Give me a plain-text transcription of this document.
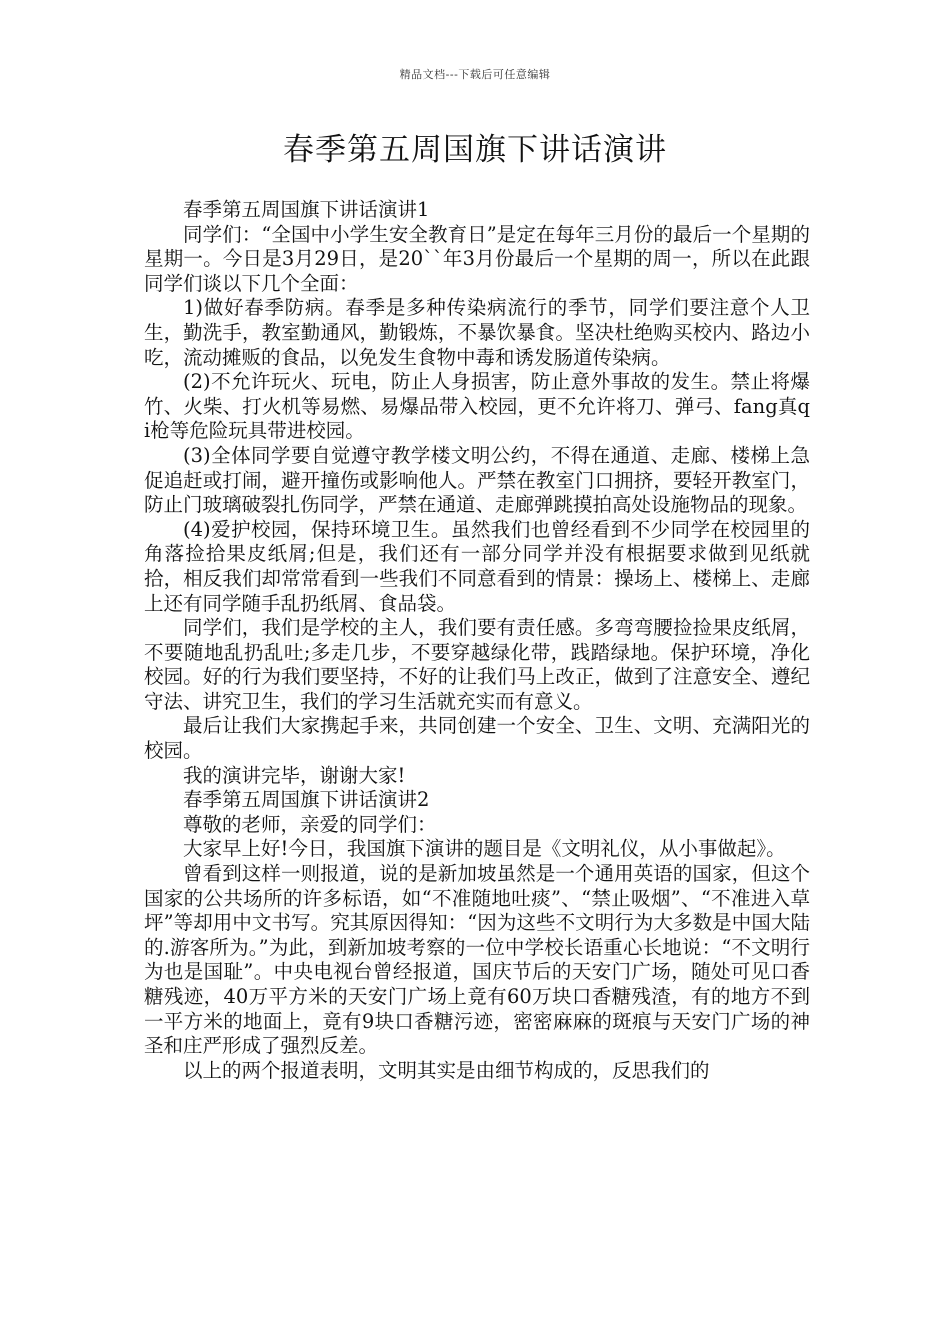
精品文档---下载后可任意编辑
春季第五周国旗下讲话演讲

春季第五周国旗下讲话演讲1

同学们：“全国中小学生安全教育日”是定在每年三月份的最后一个星期的星期一。今日是3月29日，是20``年3月份最后一个星期的周一，所以在此跟同学们谈以下几个全面：

1)做好春季防病。春季是多种传染病流行的季节，同学们要注意个人卫生，勤洗手，教室勤通风，勤锻炼，不暴饮暴食。坚决杜绝购买校内、路边小吃，流动摊贩的食品，以免发生食物中毒和诱发肠道传染病。

(2)不允许玩火、玩电，防止人身损害，防止意外事故的发生。禁止将爆竹、火柴、打火机等易燃、易爆品带入校园，更不允许将刀、弹弓、fang真qi枪等危险玩具带进校园。

(3)全体同学要自觉遵守教学楼文明公约，不得在通道、走廊、楼梯上急促追赶或打闹，避开撞伤或影响他人。严禁在教室门口拥挤，要轻开教室门，防止门玻璃破裂扎伤同学，严禁在通道、走廊弹跳摸拍高处设施物品的现象。

(4)爱护校园，保持环境卫生。虽然我们也曾经看到不少同学在校园里的角落捡拾果皮纸屑;但是，我们还有一部分同学并没有根据要求做到见纸就拾，相反我们却常常看到一些我们不同意看到的情景：操场上、楼梯上、走廊上还有同学随手乱扔纸屑、食品袋。

同学们，我们是学校的主人，我们要有责任感。多弯弯腰捡捡果皮纸屑，不要随地乱扔乱吐;多走几步，不要穿越绿化带，践踏绿地。保护环境，净化校园。好的行为我们要坚持，不好的让我们马上改正，做到了注意安全、遵纪守法、讲究卫生，我们的学习生活就充实而有意义。

最后让我们大家携起手来，共同创建一个安全、卫生、文明、充满阳光的校园。

我的演讲完毕，谢谢大家!

春季第五周国旗下讲话演讲2

尊敬的老师，亲爱的同学们：

大家早上好!今日，我国旗下演讲的题目是《文明礼仪，从小事做起》。

曾看到这样一则报道，说的是新加坡虽然是一个通用英语的国家，但这个国家的公共场所的许多标语，如“不准随地吐痰”、“禁止吸烟”、“不准进入草坪”等却用中文书写。究其原因得知：“因为这些不文明行为大多数是中国大陆的.游客所为。”为此，到新加坡考察的一位中学校长语重心长地说：“不文明行为也是国耻”。中央电视台曾经报道，国庆节后的天安门广场，随处可见口香糖残迹，40万平方米的天安门广场上竟有60万块口香糖残渣，有的地方不到一平方米的地面上，竟有9块口香糖污迹，密密麻麻的斑痕与天安门广场的神圣和庄严形成了强烈反差。

以上的两个报道表明，文明其实是由细节构成的，反思我们的
